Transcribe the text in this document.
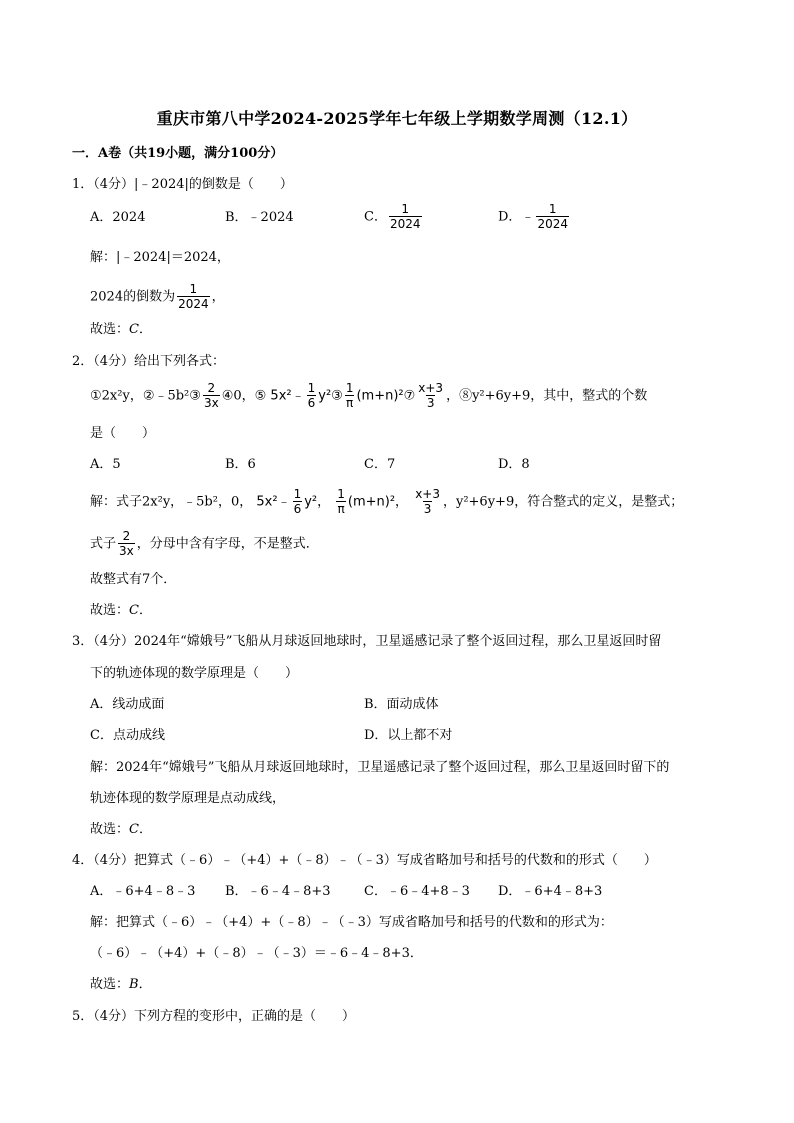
重庆市第八中学2024-2025学年七年级上学期数学周测（12.1）
一．A卷（共19小题，满分100分）
1．（4分）|﹣2024|的倒数是（　　）
A．2024	B．﹣2024	C． $\frac{1}{2024}$	D．﹣ $\frac{1}{2024}$
解：|﹣2024|＝2024，
2024的倒数为 $\frac{1}{2024}$ ，
故选：C．
2．（4分）给出下列各式：
①2x²y，②﹣5b²③ $\frac{2}{3x}$ ④0，⑤ 5x²﹣ $\frac{1}{6}$ y²③ $\frac{1}{\pi}$ (m+n)²⑦ $\frac{x+3}{3}$ ，⑧y²+6y+9，其中，整式的个数
是（　　）
A．5	B．6	C．7	D．8
解：式子2x²y，﹣5b²，0， 5x²﹣ $\frac{1}{6} y^2$， $\frac{1}{\pi} (m+n)^2$， $\frac{x+3}{3}$ ，y²+6y+9，符合整式的定义，是整式；
式子 $\frac{2}{3x}$ ，分母中含有字母，不是整式．
故整式有7个．
故选：C．
3．（4分）2024年“嫦娥号”飞船从月球返回地球时，卫星遥感记录了整个返回过程，那么卫星返回时留
下的轨迹体现的数学原理是（　　）
A．线动成面	B．面动成体
C．点动成线	D．以上都不对
解：2024年“嫦娥号”飞船从月球返回地球时，卫星遥感记录了整个返回过程，那么卫星返回时留下的
轨迹体现的数学原理是点动成线，
故选：C．
4．（4分）把算式（﹣6）﹣（+4）+（﹣8）﹣（﹣3）写成省略加号和括号的代数和的形式（　　）
A．﹣6+4﹣8﹣3 B．﹣6﹣4﹣8+3	C．﹣6﹣4+8﹣3 D．﹣6+4﹣8+3
解：把算式（﹣6）﹣（+4）+（﹣8）﹣（﹣3）写成省略加号和括号的代数和的形式为：
（﹣6）﹣（+4）+（﹣8）﹣（﹣3）＝﹣6﹣4﹣8+3．
故选：B．
5．（4分）下列方程的变形中，正确的是（　　）
